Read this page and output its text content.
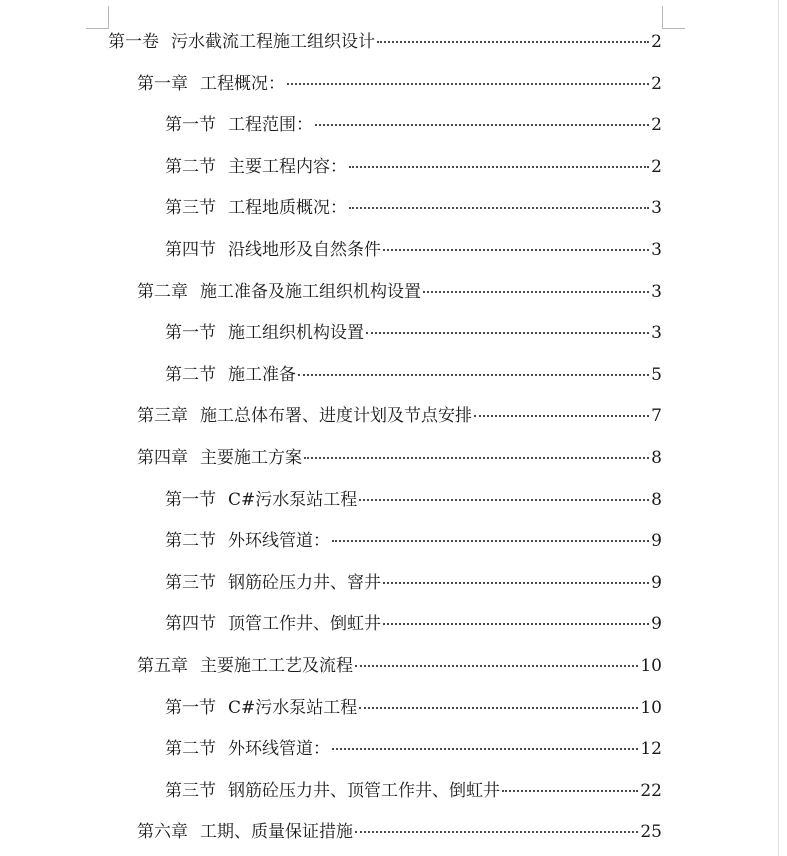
第一卷 污水截流工程施工组织设计	2
第一章 工程概况：	2
第一节 工程范围：	2
第二节 主要工程内容：	2
第三节 工程地质概况：	3
第四节 沿线地形及自然条件	3
第二章 施工准备及施工组织机构设置	3
第一节 施工组织机构设置	3
第二节 施工准备	5
第三章 施工总体布署、进度计划及节点安排	7
第四章 主要施工方案	8
第一节 C#污水泵站工程	8
第二节 外环线管道：	9
第三节 钢筋砼压力井、窨井	9
第四节 顶管工作井、倒虹井	9
第五章 主要施工工艺及流程	10
第一节 C#污水泵站工程	10
第二节 外环线管道：	12
第三节 钢筋砼压力井、顶管工作井、倒虹井	22
第六章 工期、质量保证措施	25
